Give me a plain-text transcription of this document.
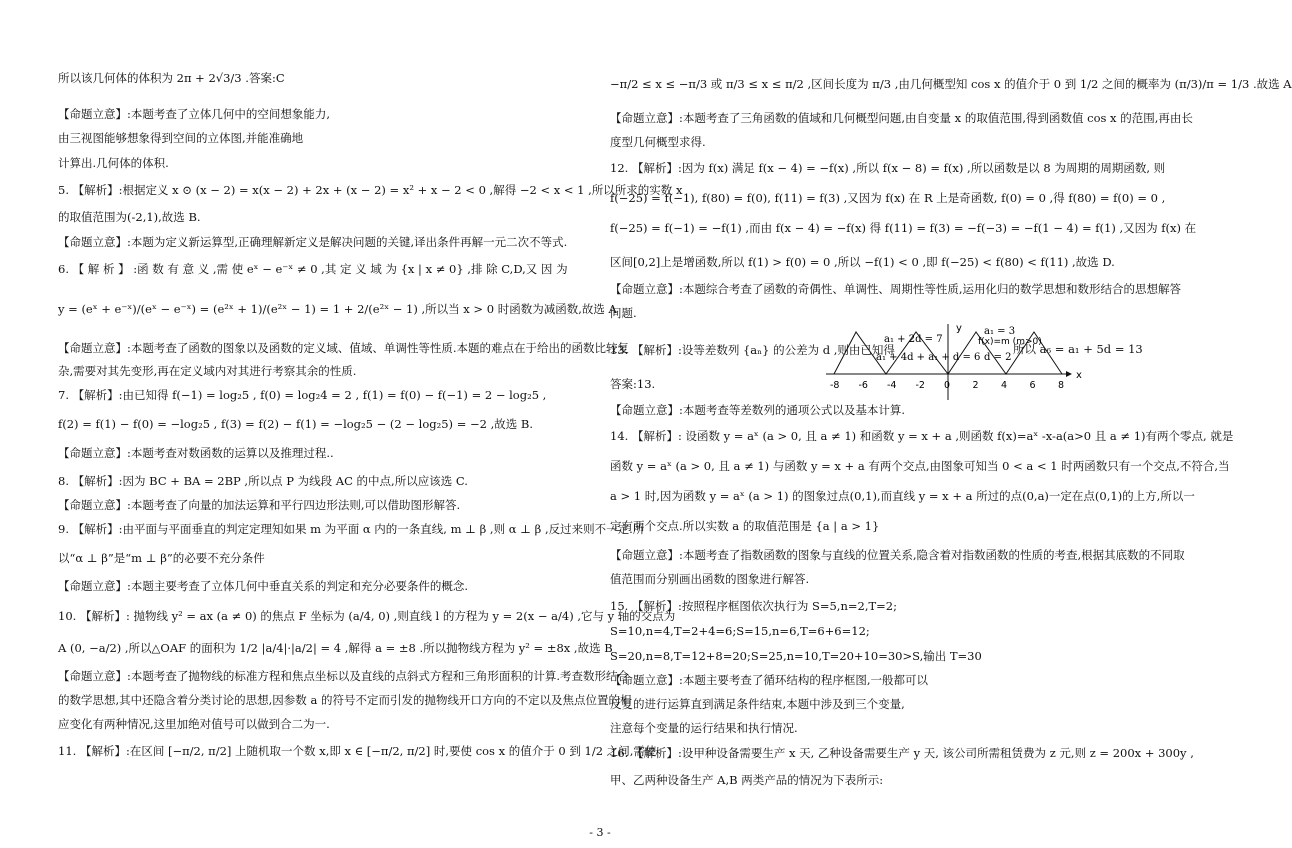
所以该几何体的体积为 2π + 2√3/3 .答案:C
【命题立意】:本题考查了立体几何中的空间想象能力,
由三视图能够想象得到空间的立体图,并能准确地
计算出.几何体的体积.
5. 【解析】:根据定义 x ⊙ (x − 2) = x(x − 2) + 2x + (x − 2) = x² + x − 2 < 0 ,解得 −2 < x < 1 ,所以所求的实数 x
的取值范围为(-2,1),故选 B.
【命题立意】:本题为定义新运算型,正确理解新定义是解决问题的关键,译出条件再解一元二次不等式.
6. 【 解 析 】 :函 数 有 意 义 ,需 使 eˣ − e⁻ˣ ≠ 0 ,其 定 义 域 为 {x | x ≠ 0} ,排 除 C,D,又 因 为
y = (eˣ + e⁻ˣ)/(eˣ − e⁻ˣ) = (e²ˣ + 1)/(e²ˣ − 1) = 1 + 2/(e²ˣ − 1) ,所以当 x > 0 时函数为减函数,故选 A
【命题立意】:本题考查了函数的图象以及函数的定义域、值域、单调性等性质.本题的难点在于给出的函数比较复
杂,需要对其先变形,再在定义域内对其进行考察其余的性质.
7. 【解析】:由已知得 f(−1) = log₂5 , f(0) = log₂4 = 2 , f(1) = f(0) − f(−1) = 2 − log₂5 ,
f(2) = f(1) − f(0) = −log₂5 , f(3) = f(2) − f(1) = −log₂5 − (2 − log₂5) = −2 ,故选 B.
【命题立意】:本题考查对数函数的运算以及推理过程..
8. 【解析】:因为 BC + BA = 2BP ,所以点 P 为线段 AC 的中点,所以应该选 C.
【命题立意】:本题考查了向量的加法运算和平行四边形法则,可以借助图形解答.
9. 【解析】:由平面与平面垂直的判定定理知如果 m 为平面 α 内的一条直线, m ⊥ β ,则 α ⊥ β ,反过来则不一定.所
以“α ⊥ β”是“m ⊥ β”的必要不充分条件
【命题立意】:本题主要考查了立体几何中垂直关系的判定和充分必要条件的概念.
10. 【解析】: 抛物线 y² = ax (a ≠ 0) 的焦点 F 坐标为 (a/4, 0) ,则直线 l 的方程为 y = 2(x − a/4) ,它与 y 轴的交点为
A (0, −a/2) ,所以△OAF 的面积为 1/2 |a/4|·|a/2| = 4 ,解得 a = ±8 .所以抛物线方程为 y² = ±8x ,故选 B
【命题立意】:本题考查了抛物线的标准方程和焦点坐标以及直线的点斜式方程和三角形面积的计算.考查数形结合
的数学思想,其中还隐含着分类讨论的思想,因参数 a 的符号不定而引发的抛物线开口方向的不定以及焦点位置的相
应变化有两种情况,这里加绝对值号可以做到合二为一.
11. 【解析】:在区间 [−π/2, π/2] 上随机取一个数 x,即 x ∈ [−π/2, π/2] 时,要使 cos x 的值介于 0 到 1/2 之间,需使
−π/2 ≤ x ≤ −π/3 或 π/3 ≤ x ≤ π/2 ,区间长度为 π/3 ,由几何概型知 cos x 的值介于 0 到 1/2 之间的概率为 (π/3)/π = 1/3 .故选 A
【命题立意】:本题考查了三角函数的值域和几何概型问题,由自变量 x 的取值范围,得到函数值 cos x 的范围,再由长
度型几何概型求得.
12. 【解析】:因为 f(x) 满足 f(x − 4) = −f(x) ,所以 f(x − 8) = f(x) ,所以函数是以 8 为周期的周期函数, 则
f(−25) = f(−1), f(80) = f(0), f(11) = f(3) ,又因为 f(x) 在 R 上是奇函数, f(0) = 0 ,得 f(80) = f(0) = 0 ,
f(−25) = f(−1) = −f(1) ,而由 f(x − 4) = −f(x) 得 f(11) = f(3) = −f(−3) = −f(1 − 4) = f(1) ,又因为 f(x) 在
区间[0,2]上是增函数,所以 f(1) > f(0) = 0 ,所以 −f(1) < 0 ,即 f(−25) < f(80) < f(11) ,故选 D.
【命题立意】:本题综合考查了函数的奇偶性、单调性、周期性等性质,运用化归的数学思想和数形结合的思想解答
问题.
13. 【解析】:设等差数列 {aₙ} 的公差为 d ,则由已知得
答案:13.
【命题立意】:本题考查等差数列的通项公式以及基本计算.
14. 【解析】: 设函数 y = aˣ (a > 0, 且 a ≠ 1) 和函数 y = x + a ,则函数 f(x)=aˣ -x-a(a>0 且 a ≠ 1)有两个零点, 就是
函数 y = aˣ (a > 0, 且 a ≠ 1) 与函数 y = x + a 有两个交点,由图象可知当 0 < a < 1 时两函数只有一个交点,不符合,当
a > 1 时,因为函数 y = aˣ (a > 1) 的图象过点(0,1),而直线 y = x + a 所过的点(0,a)一定在点(0,1)的上方,所以一
定有两个交点.所以实数 a 的取值范围是 {a | a > 1}
【命题立意】:本题考查了指数函数的图象与直线的位置关系,隐含着对指数函数的性质的考查,根据其底数的不同取
值范围而分别画出函数的图象进行解答.
15. 【解析】:按照程序框图依次执行为 S=5,n=2,T=2;
S=10,n=4,T=2+4=6;S=15,n=6,T=6+6=12;
S=20,n=8,T=12+8=20;S=25,n=10,T=20+10=30>S,输出 T=30
【命题立意】:本题主要考查了循环结构的程序框图,一般都可以
反复的进行运算直到满足条件结束,本题中涉及到三个变量,
注意每个变量的运行结果和执行情况.
16. 【解析】:设甲种设备需要生产 x 天, 乙种设备需要生产 y 天, 该公司所需租赁费为 z 元,则 z = 200x + 300y ,
甲、乙两种设备生产 A,B 两类产品的情况为下表所示:
y
x
a₁ + 2d = 7
a₁ + 4d + a₁ + d = 6
f(x)=m (m>0)
a₁ = 3
d = 2
-8 -6 -4 -2 0 2 4 6 8
所以 a₆ = a₁ + 5d = 13
- 3 -
